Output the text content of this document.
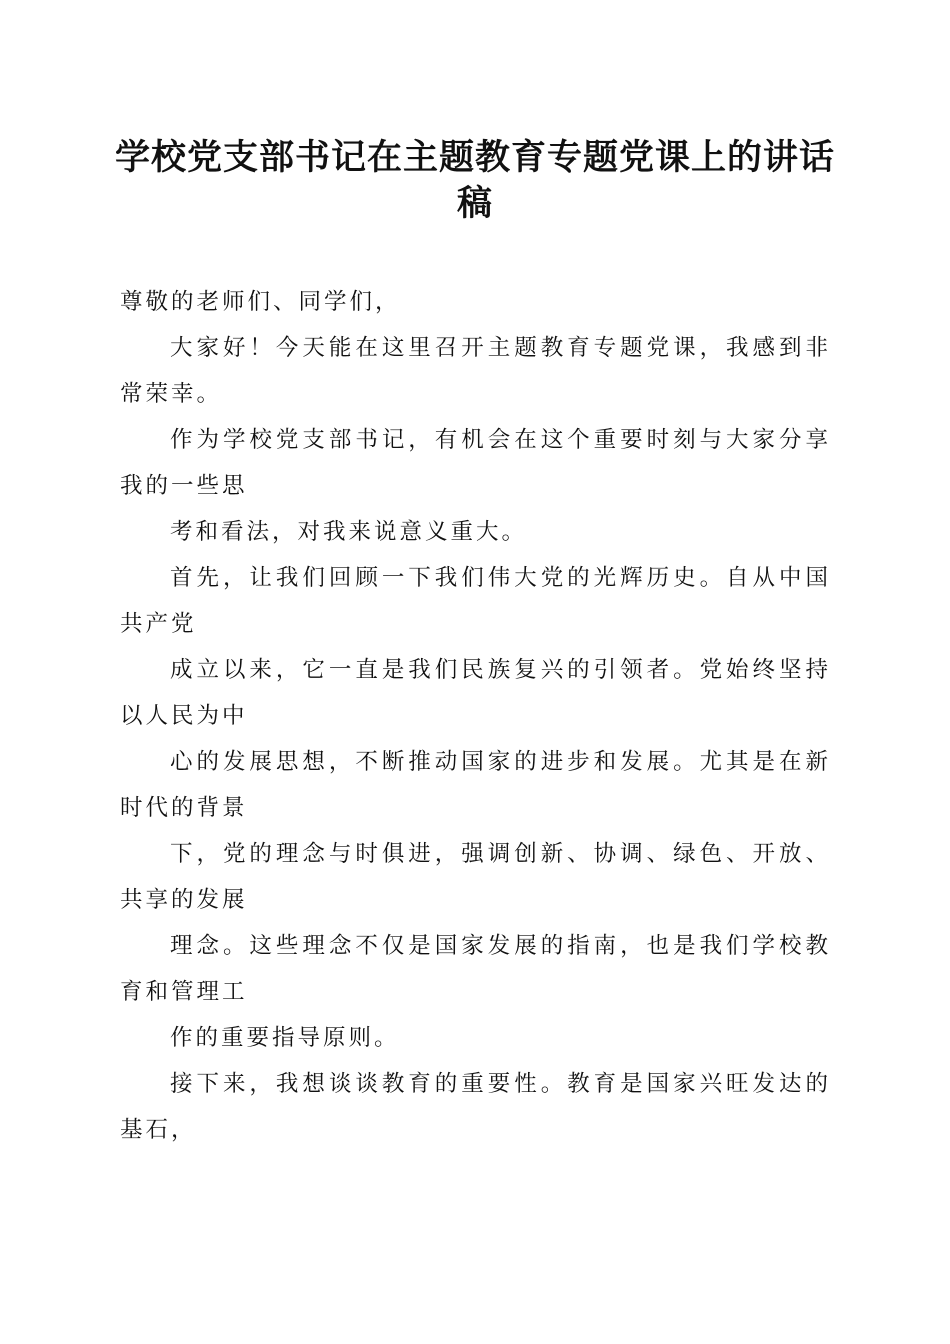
学校党支部书记在主题教育专题党课上的讲话
稿
尊敬的老师们、同学们，
大家好！今天能在这里召开主题教育专题党课，我感到非
常荣幸。
作为学校党支部书记，有机会在这个重要时刻与大家分享
我的一些思
考和看法，对我来说意义重大。
首先，让我们回顾一下我们伟大党的光辉历史。自从中国
共产党
成立以来，它一直是我们民族复兴的引领者。党始终坚持
以人民为中
心的发展思想，不断推动国家的进步和发展。尤其是在新
时代的背景
下，党的理念与时俱进，强调创新、协调、绿色、开放、
共享的发展
理念。这些理念不仅是国家发展的指南，也是我们学校教
育和管理工
作的重要指导原则。
接下来，我想谈谈教育的重要性。教育是国家兴旺发达的
基石，
